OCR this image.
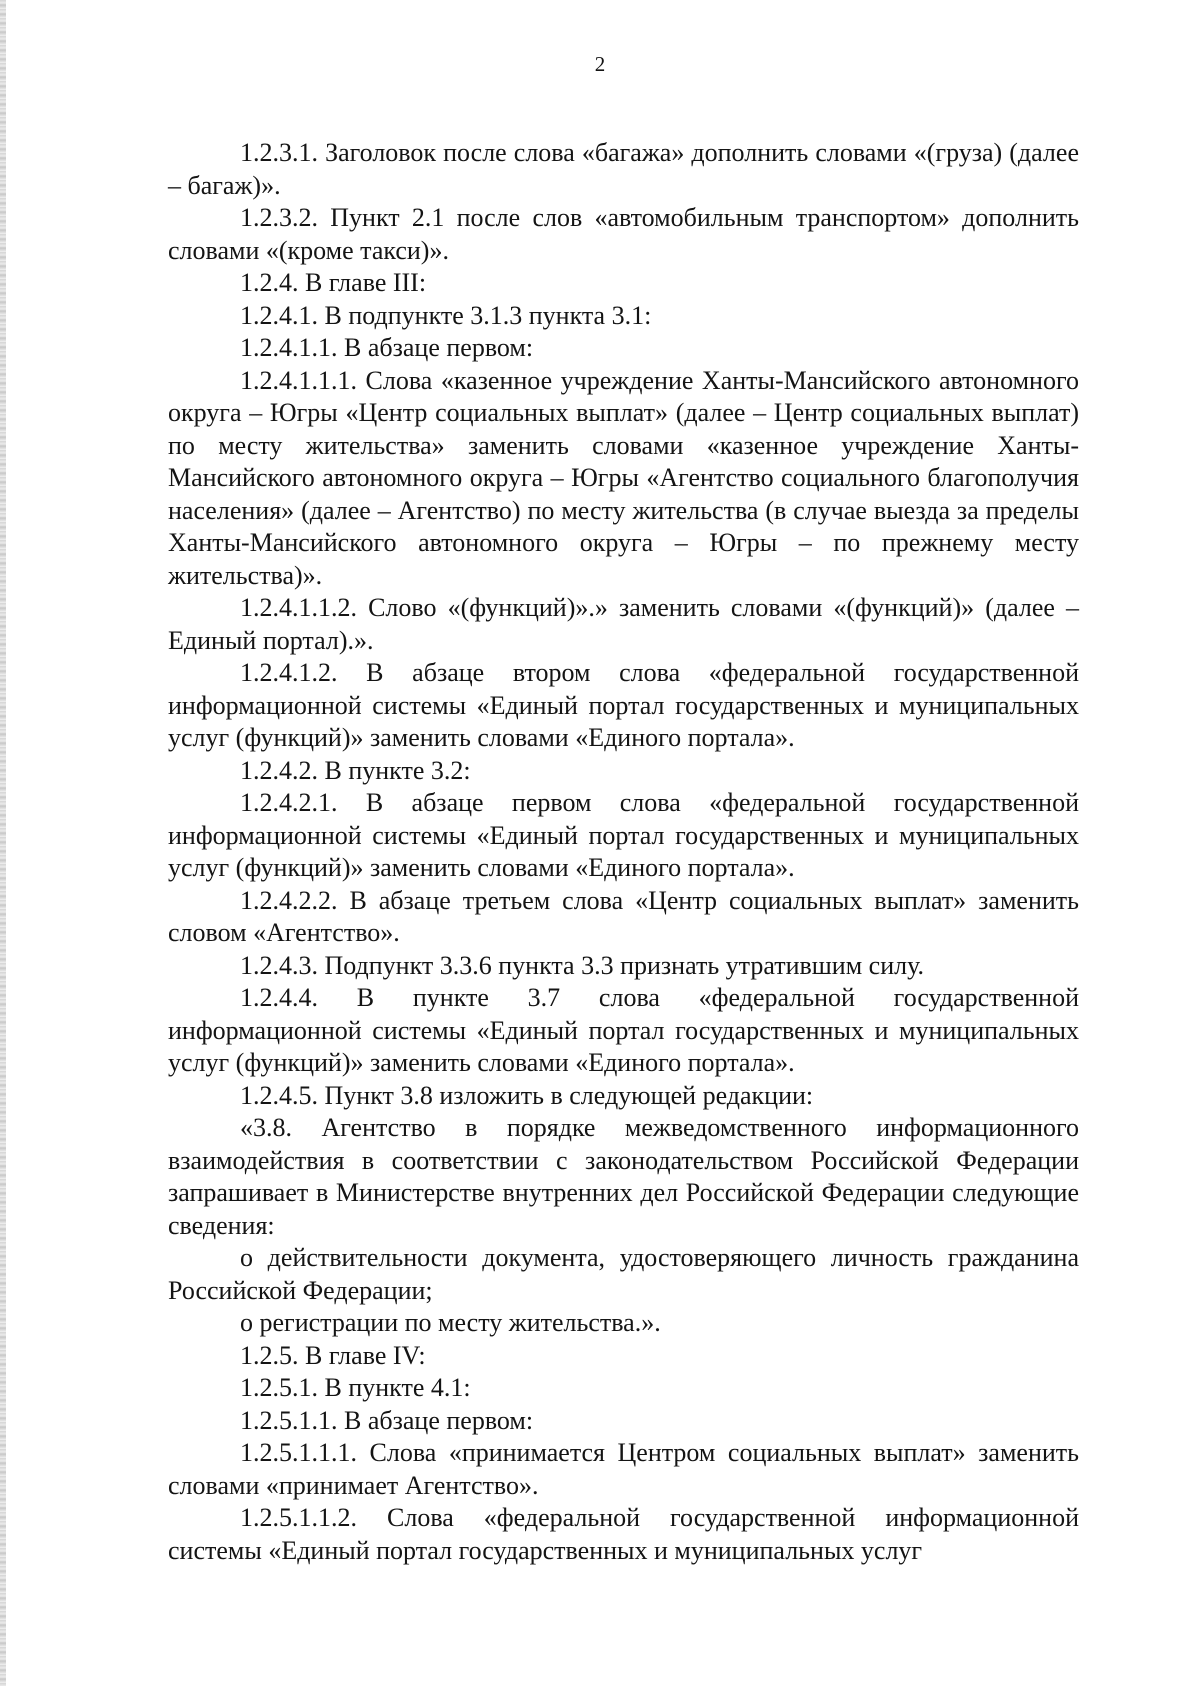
2

1.2.3.1. Заголовок после слова «багажа» дополнить словами «(груза) (далее – багаж)».

1.2.3.2. Пункт 2.1 после слов «автомобильным транспортом» дополнить словами «(кроме такси)».

1.2.4. В главе III:

1.2.4.1. В подпункте 3.1.3 пункта 3.1:

1.2.4.1.1. В абзаце первом:

1.2.4.1.1.1. Слова «казенное учреждение Ханты-Мансийского автономного округа – Югры «Центр социальных выплат» (далее – Центр социальных выплат) по месту жительства» заменить словами «казенное учреждение Ханты-Мансийского автономного округа – Югры «Агентство социального благополучия населения» (далее – Агентство) по месту жительства (в случае выезда за пределы Ханты-Мансийского автономного округа – Югры – по прежнему месту жительства)».

1.2.4.1.1.2. Слово «(функций)».» заменить словами «(функций)» (далее – Единый портал).».

1.2.4.1.2. В абзаце втором слова «федеральной государственной информационной системы «Единый портал государственных и муниципальных услуг (функций)» заменить словами «Единого портала».

1.2.4.2. В пункте 3.2:

1.2.4.2.1. В абзаце первом слова «федеральной государственной информационной системы «Единый портал государственных и муниципальных услуг (функций)» заменить словами «Единого портала».

1.2.4.2.2. В абзаце третьем слова «Центр социальных выплат» заменить словом «Агентство».

1.2.4.3. Подпункт 3.3.6 пункта 3.3 признать утратившим силу.

1.2.4.4. В пункте 3.7 слова «федеральной государственной информационной системы «Единый портал государственных и муниципальных услуг (функций)» заменить словами «Единого портала».

1.2.4.5. Пункт 3.8 изложить в следующей редакции:

«3.8. Агентство в порядке межведомственного информационного взаимодействия в соответствии с законодательством Российской Федерации запрашивает в Министерстве внутренних дел Российской Федерации следующие сведения:

о действительности документа, удостоверяющего личность гражданина Российской Федерации;

о регистрации по месту жительства.».

1.2.5. В главе IV:

1.2.5.1. В пункте 4.1:

1.2.5.1.1. В абзаце первом:

1.2.5.1.1.1. Слова «принимается Центром социальных выплат» заменить словами «принимает Агентство».

1.2.5.1.1.2. Слова «федеральной государственной информационной системы «Единый портал государственных и муниципальных услуг
